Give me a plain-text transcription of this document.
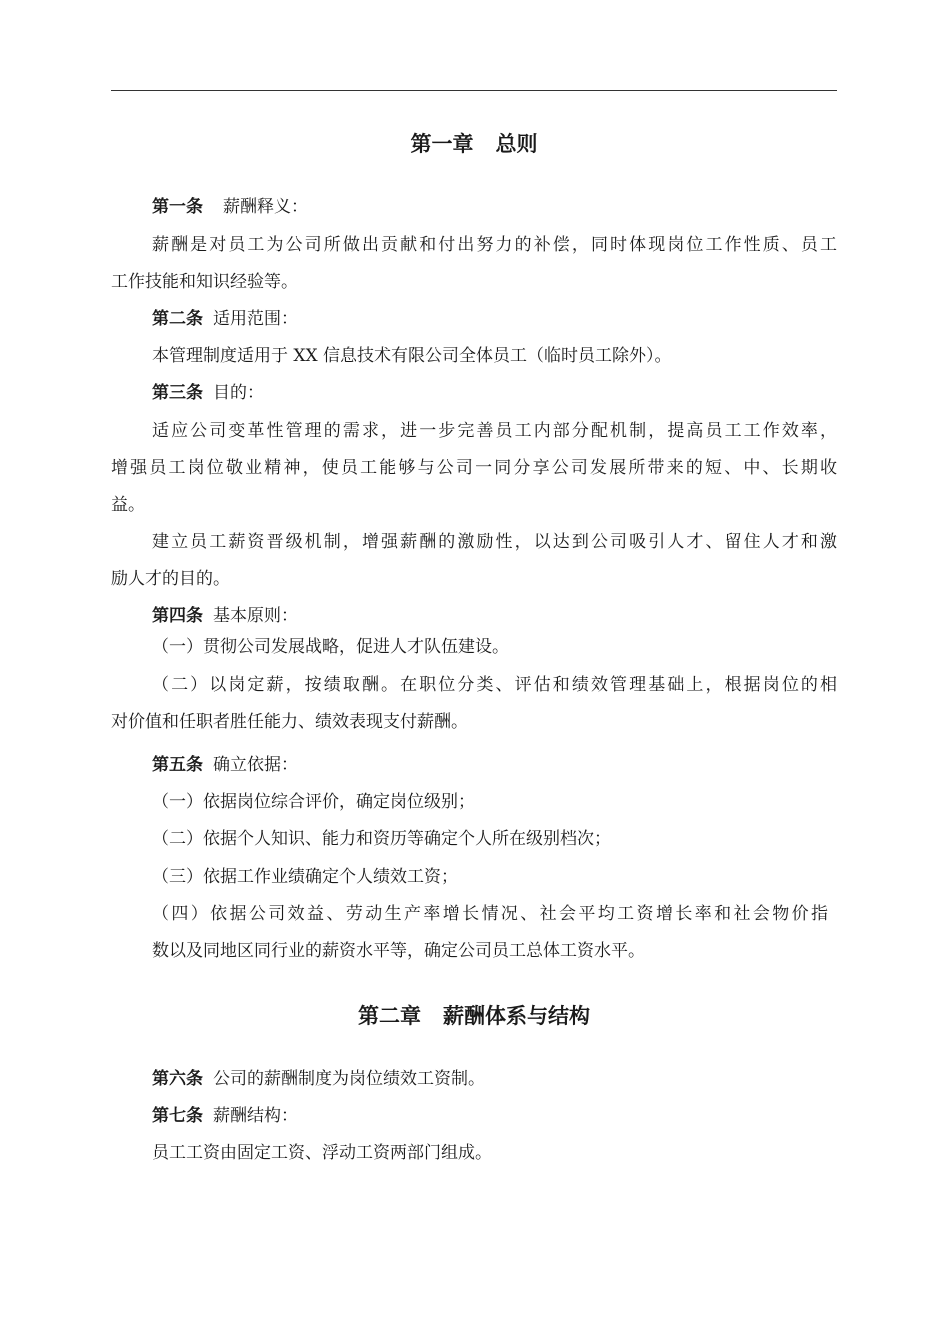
第一章 总则
第一条 薪酬释义：
薪酬是对员工为公司所做出贡献和付出努力的补偿，同时体现岗位工作性质、员工
工作技能和知识经验等。
第二条 适用范围：
本管理制度适用于 XX 信息技术有限公司全体员工（临时员工除外）。
第三条 目的：
适应公司变革性管理的需求，进一步完善员工内部分配机制，提高员工工作效率，
增强员工岗位敬业精神，使员工能够与公司一同分享公司发展所带来的短、中、长期收
益。
建立员工薪资晋级机制，增强薪酬的激励性，以达到公司吸引人才、留住人才和激
励人才的目的。
第四条 基本原则：
（一）贯彻公司发展战略，促进人才队伍建设。
（二）以岗定薪，按绩取酬。在职位分类、评估和绩效管理基础上，根据岗位的相
对价值和任职者胜任能力、绩效表现支付薪酬。
第五条 确立依据：
（一）依据岗位综合评价，确定岗位级别；
（二）依据个人知识、能力和资历等确定个人所在级别档次；
（三）依据工作业绩确定个人绩效工资；
（四）依据公司效益、劳动生产率增长情况、社会平均工资增长率和社会物价指
数以及同地区同行业的薪资水平等，确定公司员工总体工资水平。
第二章 薪酬体系与结构
第六条 公司的薪酬制度为岗位绩效工资制。
第七条 薪酬结构：
员工工资由固定工资、浮动工资两部门组成。
